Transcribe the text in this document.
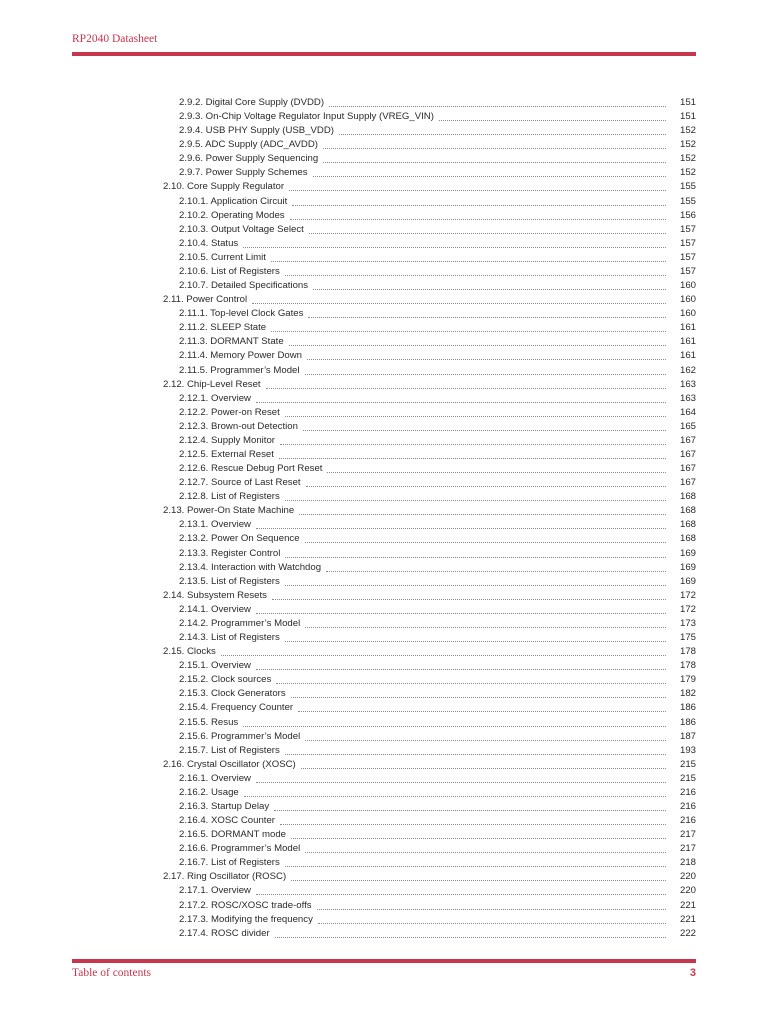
RP2040 Datasheet
2.9.2. Digital Core Supply (DVDD)	151
2.9.3. On-Chip Voltage Regulator Input Supply (VREG_VIN)	151
2.9.4. USB PHY Supply (USB_VDD)	152
2.9.5. ADC Supply (ADC_AVDD)	152
2.9.6. Power Supply Sequencing	152
2.9.7. Power Supply Schemes	152
2.10. Core Supply Regulator	155
2.10.1. Application Circuit	155
2.10.2. Operating Modes	156
2.10.3. Output Voltage Select	157
2.10.4. Status	157
2.10.5. Current Limit	157
2.10.6. List of Registers	157
2.10.7. Detailed Specifications	160
2.11. Power Control	160
2.11.1. Top-level Clock Gates	160
2.11.2. SLEEP State	161
2.11.3. DORMANT State	161
2.11.4. Memory Power Down	161
2.11.5. Programmer’s Model	162
2.12. Chip-Level Reset	163
2.12.1. Overview	163
2.12.2. Power-on Reset	164
2.12.3. Brown-out Detection	165
2.12.4. Supply Monitor	167
2.12.5. External Reset	167
2.12.6. Rescue Debug Port Reset	167
2.12.7. Source of Last Reset	167
2.12.8. List of Registers	168
2.13. Power-On State Machine	168
2.13.1. Overview	168
2.13.2. Power On Sequence	168
2.13.3. Register Control	169
2.13.4. Interaction with Watchdog	169
2.13.5. List of Registers	169
2.14. Subsystem Resets	172
2.14.1. Overview	172
2.14.2. Programmer’s Model	173
2.14.3. List of Registers	175
2.15. Clocks	178
2.15.1. Overview	178
2.15.2. Clock sources	179
2.15.3. Clock Generators	182
2.15.4. Frequency Counter	186
2.15.5. Resus	186
2.15.6. Programmer’s Model	187
2.15.7. List of Registers	193
2.16. Crystal Oscillator (XOSC)	215
2.16.1. Overview	215
2.16.2. Usage	216
2.16.3. Startup Delay	216
2.16.4. XOSC Counter	216
2.16.5. DORMANT mode	217
2.16.6. Programmer’s Model	217
2.16.7. List of Registers	218
2.17. Ring Oscillator (ROSC)	220
2.17.1. Overview	220
2.17.2. ROSC/XOSC trade-offs	221
2.17.3. Modifying the frequency	221
2.17.4. ROSC divider	222
Table of contents	3
